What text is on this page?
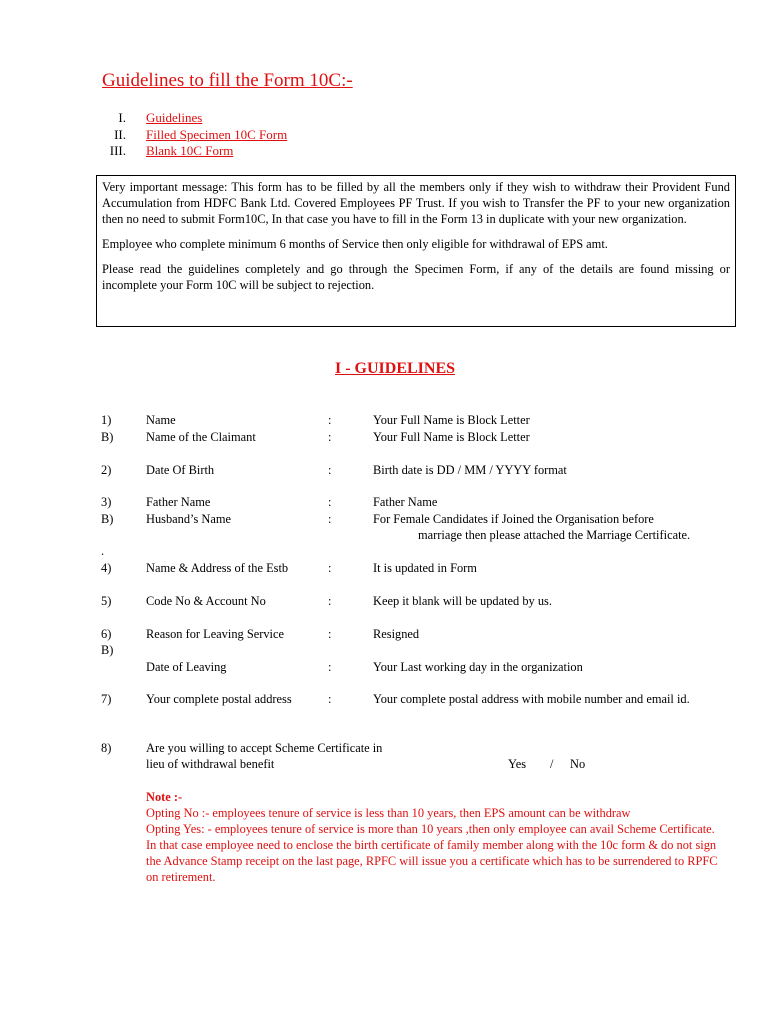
Guidelines to fill the Form 10C:-
I. Guidelines
II. Filled Specimen 10C Form
III. Blank 10C Form

Very important message: This form has to be filled by all the members only if they wish to withdraw their Provident Fund Accumulation from HDFC Bank Ltd. Covered Employees PF Trust. If you wish to Transfer the PF to your new organization then no need to submit Form10C, In that case you have to fill in the Form 13 in duplicate with your new organization.

Employee who complete minimum 6 months of Service then only eligible for withdrawal of EPS amt.

Please read the guidelines completely and go through the Specimen Form, if any of the details are found missing or incomplete your Form 10C will be subject to rejection.

I - GUIDELINES
1)	Name	:	Your Full Name is Block Letter
B)	Name of the Claimant	:	Your Full Name is Block Letter
2)	Date Of Birth	:	Birth date is DD / MM / YYYY format
3)	Father Name	:	Father Name
B)	Husband’s Name	:	For Female Candidates if Joined the Organisation before
marriage then please attached the Marriage Certificate.
.
4)	Name & Address of the Estb	:	It is updated in Form
5)	Code No & Account No	:	Keep it blank will be updated by us.
6)	Reason for Leaving Service	:	Resigned
B)
Date of Leaving	:	Your Last working day in the organization
7)	Your complete postal address	:	Your complete postal address with mobile number and email id.
8)	Are you willing to accept Scheme Certificate in
lieu of withdrawal benefit	Yes / No
Note :-

Opting No :- employees tenure of service is less than 10 years, then EPS amount can be withdraw

Opting Yes: - employees tenure of service is more than 10 years ,then only employee can avail Scheme Certificate. In that case employee need to enclose the birth certificate of family member along with the 10c form & do not sign the Advance Stamp receipt on the last page, RPFC will issue you a certificate which has to be surrendered to RPFC on retirement.
